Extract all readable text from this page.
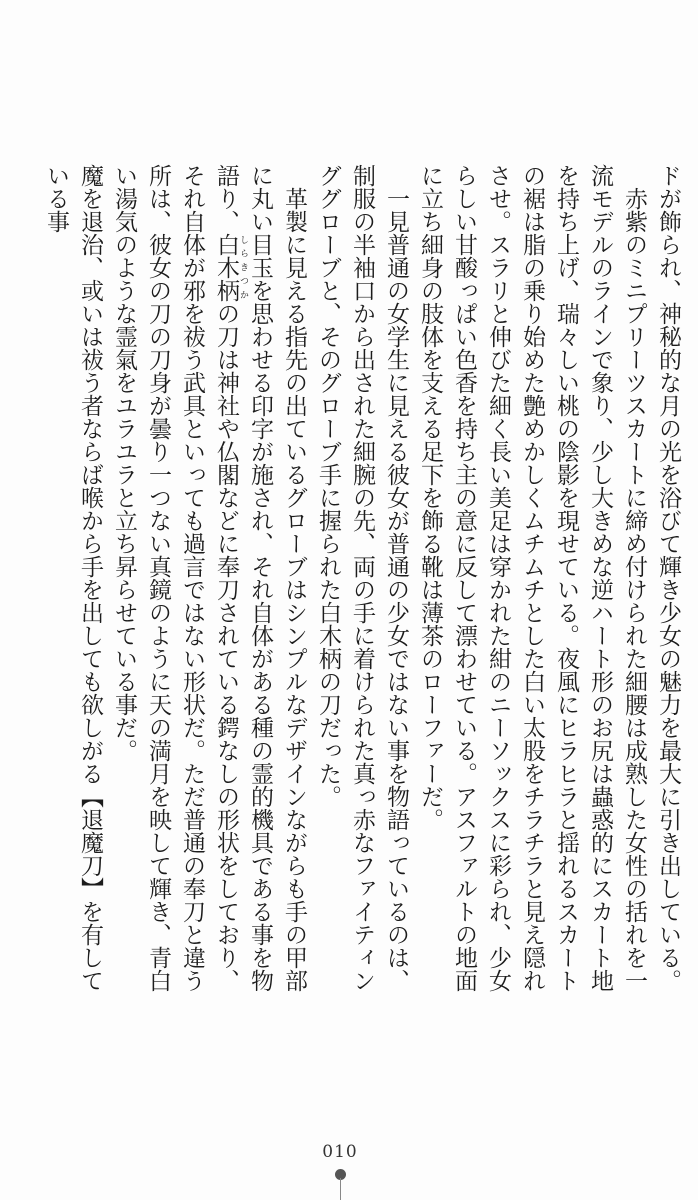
ドが飾られ、神秘的な月の光を浴びて輝き少女の魅力を最大に引き出している。

赤紫のミニプリーツスカートに締め付けられた細腰は成熟した女性の括れを一流モデルのラインで象り、少し大きめな逆ハート形のお尻は蟲惑的にスカート地を持ち上げ、瑞々しい桃の陰影を現せている。夜風にヒラヒラと揺れるスカートの裾は脂の乗り始めた艶めかしくムチムチとした白い太股をチラチラと見え隠れさせ。スラリと伸びた細く長い美足は穿かれた紺のニーソックスに彩られ、少女らしい甘酸っぱい色香を持ち主の意に反して漂わせている。アスファルトの地面に立ち細身の肢体を支える足下を飾る靴は薄茶のローファーだ。

一見普通の女学生に見える彼女が普通の少女ではない事を物語っているのは、制服の半袖口から出された細腕の先、両の手に着けられた真っ赤なファイティンググローブと、そのグローブ手に握られた白木柄の刀だった。

革製に見える指先の出ているグローブはシンプルなデザインながらも手の甲部に丸い目玉を思わせる印字が施され、それ自体がある種の霊的機具である事を物語り、白木柄 しらきつかの刀は神社や仏閣などに奉刀されている鍔なしの形状をしており、それ自体が邪を祓う武具といっても過言ではない形状だ。ただ普通の奉刀と違う所は、彼女の刀の刀身が曇り一つない真鏡のように天の満月を映して輝き、青白い湯気のような霊氣をユラユラと立ち昇らせている事だ。

魔を退治、或いは祓う者ならば喉から手を出しても欲しがる【退魔刀】を有している事

010
